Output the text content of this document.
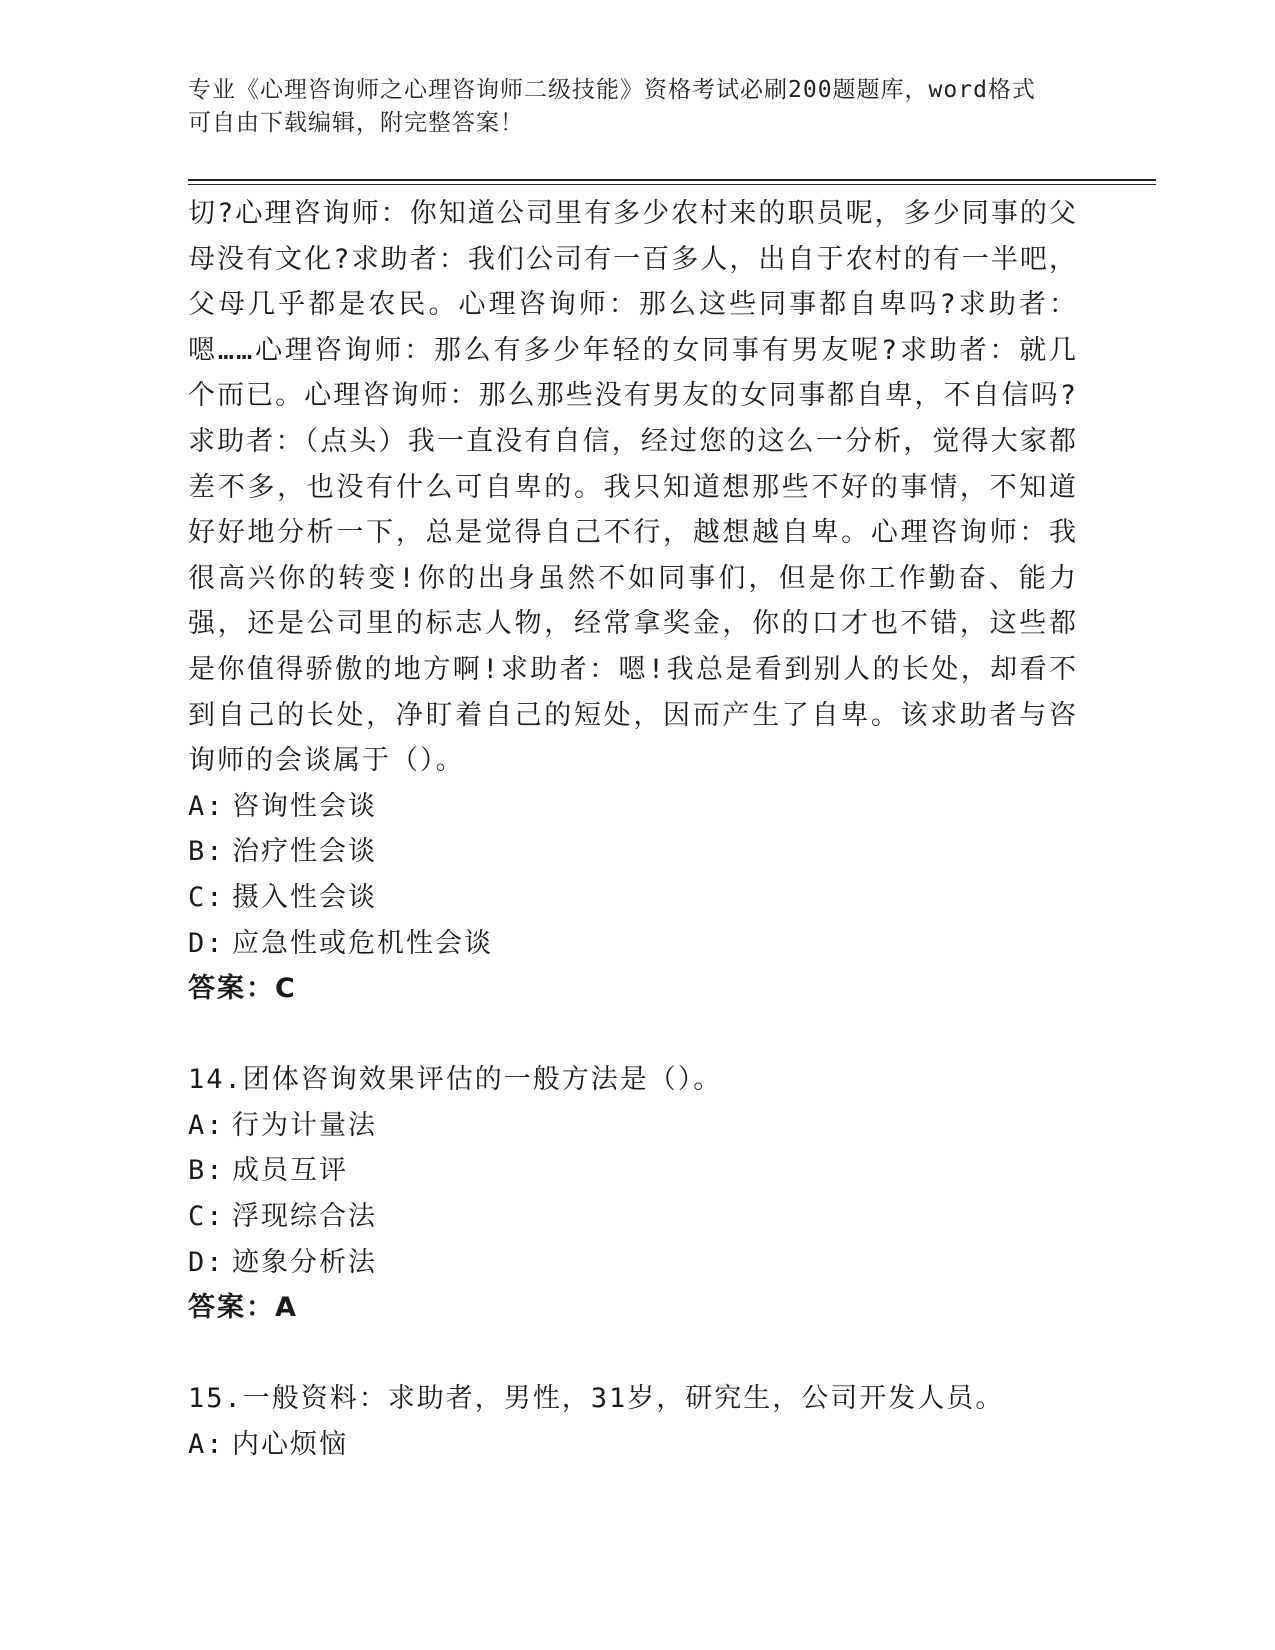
专业《心理咨询师之心理咨询师二级技能》资格考试必刷200题题库，word格式
可自由下载编辑，附完整答案！

切?心理咨询师：你知道公司里有多少农村来的职员呢，多少同事的父母没有文化?求助者：我们公司有一百多人，出自于农村的有一半吧，父母几乎都是农民。心理咨询师：那么这些同事都自卑吗?求助者：嗯……心理咨询师：那么有多少年轻的女同事有男友呢?求助者：就几个而已。心理咨询师：那么那些没有男友的女同事都自卑，不自信吗?求助者：（点头）我一直没有自信，经过您的这么一分析，觉得大家都差不多，也没有什么可自卑的。我只知道想那些不好的事情，不知道好好地分析一下，总是觉得自己不行，越想越自卑。心理咨询师：我很高兴你的转变!你的出身虽然不如同事们，但是你工作勤奋、能力强，还是公司里的标志人物，经常拿奖金，你的口才也不错，这些都是你值得骄傲的地方啊!求助者：嗯!我总是看到别人的长处，却看不到自己的长处，净盯着自己的短处，因而产生了自卑。该求助者与咨询师的会谈属于（）。

A: 咨询性会谈

B: 治疗性会谈

C: 摄入性会谈

D: 应急性或危机性会谈

答案：C

14.团体咨询效果评估的一般方法是（）。

A: 行为计量法

B: 成员互评

C: 浮现综合法

D: 迹象分析法

答案：A

15.一般资料：求助者，男性，31岁，研究生，公司开发人员。

A: 内心烦恼
